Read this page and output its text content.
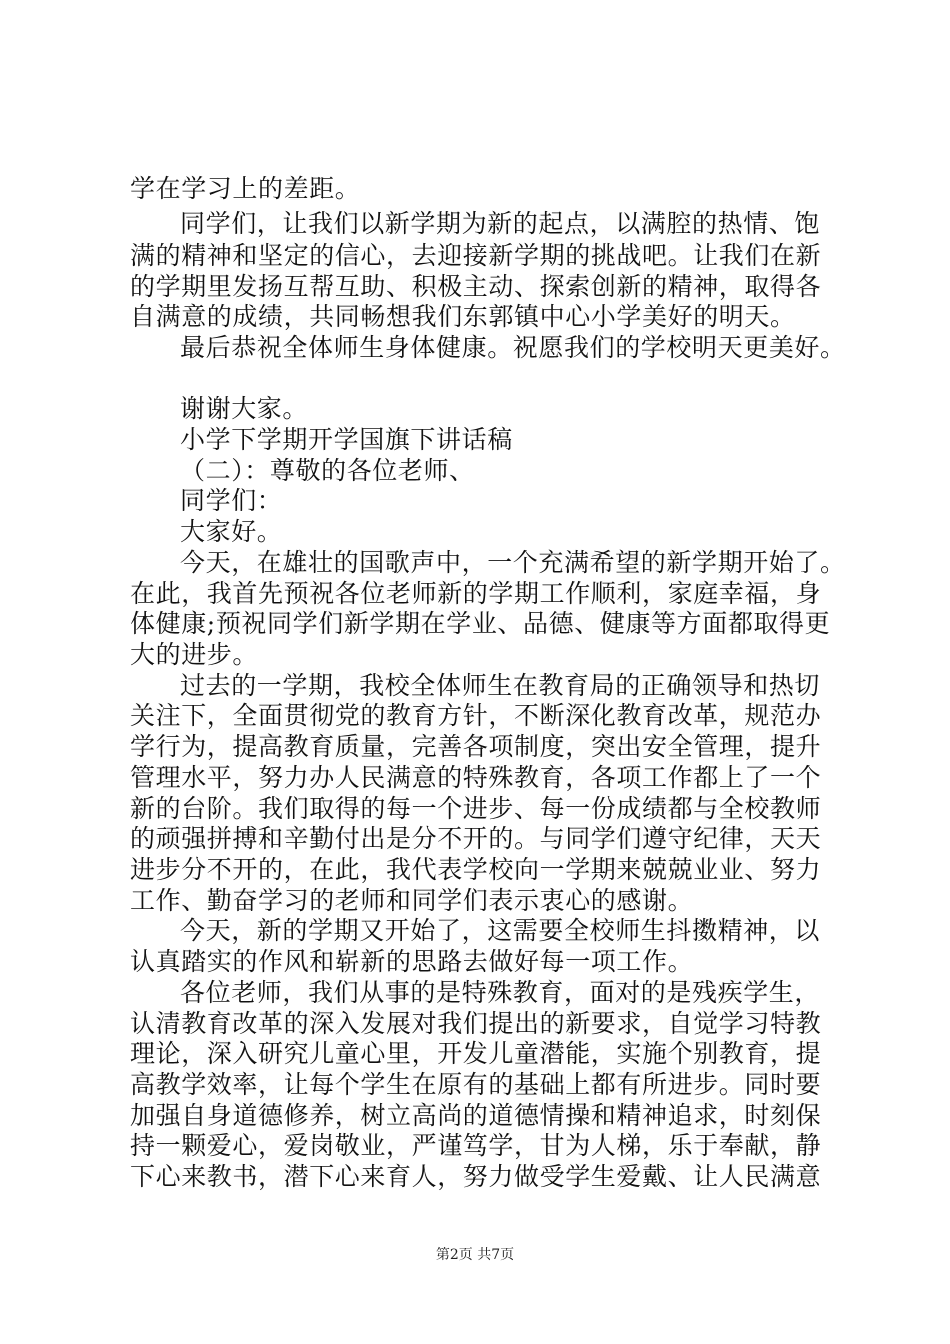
学在学习上的差距。
同学们，让我们以新学期为新的起点，以满腔的热情、饱
满的精神和坚定的信心，去迎接新学期的挑战吧。让我们在新
的学期里发扬互帮互助、积极主动、探索创新的精神，取得各
自满意的成绩，共同畅想我们东郭镇中心小学美好的明天。
最后恭祝全体师生身体健康。祝愿我们的学校明天更美好。
谢谢大家。
小学下学期开学国旗下讲话稿
（二）：尊敬的各位老师、
同学们：
大家好。
今天，在雄壮的国歌声中，一个充满希望的新学期开始了。
在此，我首先预祝各位老师新的学期工作顺利，家庭幸福，身
体健康;预祝同学们新学期在学业、品德、健康等方面都取得更
大的进步。
过去的一学期，我校全体师生在教育局的正确领导和热切
关注下，全面贯彻党的教育方针，不断深化教育改革，规范办
学行为，提高教育质量，完善各项制度，突出安全管理，提升
管理水平，努力办人民满意的特殊教育，各项工作都上了一个
新的台阶。我们取得的每一个进步、每一份成绩都与全校教师
的顽强拼搏和辛勤付出是分不开的。与同学们遵守纪律，天天
进步分不开的，在此，我代表学校向一学期来兢兢业业、努力
工作、勤奋学习的老师和同学们表示衷心的感谢。
今天，新的学期又开始了，这需要全校师生抖擞精神，以
认真踏实的作风和崭新的思路去做好每一项工作。
各位老师，我们从事的是特殊教育，面对的是残疾学生，
认清教育改革的深入发展对我们提出的新要求，自觉学习特教
理论，深入研究儿童心里，开发儿童潜能，实施个别教育，提
高教学效率，让每个学生在原有的基础上都有所进步。同时要
加强自身道德修养，树立高尚的道德情操和精神追求，时刻保
持一颗爱心，爱岗敬业，严谨笃学，甘为人梯，乐于奉献，静
下心来教书，潜下心来育人，努力做受学生爱戴、让人民满意
第2页 共7页
